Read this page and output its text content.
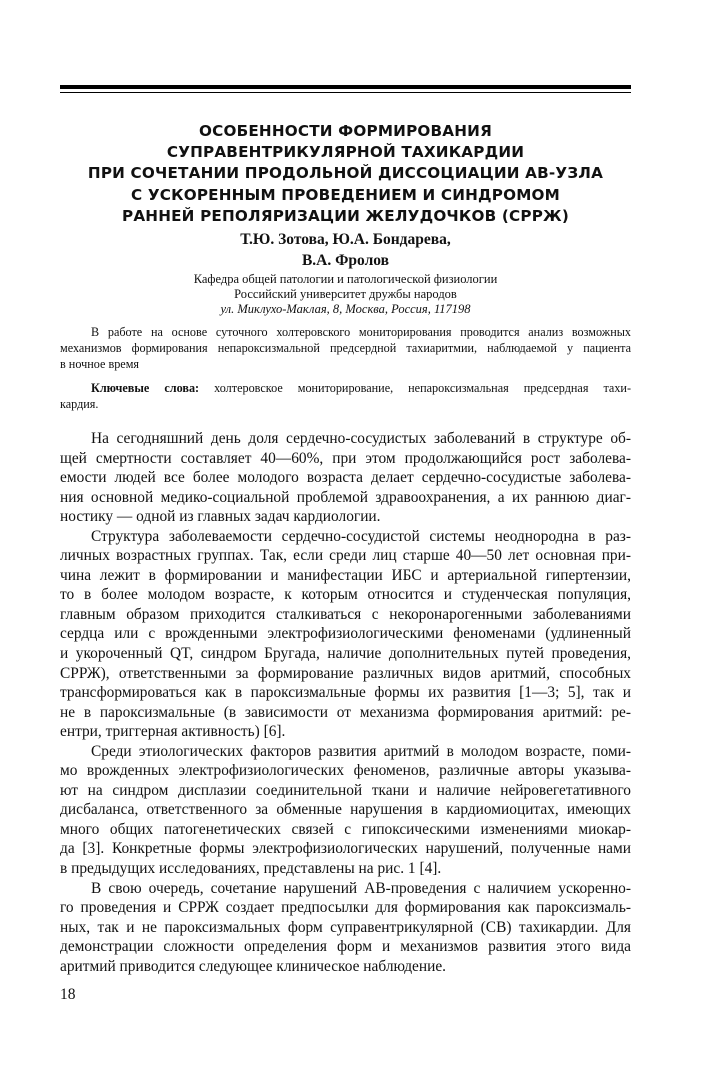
ОСОБЕННОСТИ ФОРМИРОВАНИЯ
СУПРАВЕНТРИКУЛЯРНОЙ ТАХИКАРДИИ
ПРИ СОЧЕТАНИИ ПРОДОЛЬНОЙ ДИССОЦИАЦИИ АВ-УЗЛА
С УСКОРЕННЫМ ПРОВЕДЕНИЕМ И СИНДРОМОМ
РАННЕЙ РЕПОЛЯРИЗАЦИИ ЖЕЛУДОЧКОВ (СРРЖ)
Т.Ю. Зотова, Ю.А. Бондарева,
В.А. Фролов
Кафедра общей патологии и патологической физиологии
Российский университет дружбы народов
ул. Миклухо-Маклая, 8, Москва, Россия, 117198
В работе на основе суточного холтеровского мониторирования проводится анализ возможных
механизмов формирования непароксизмальной предсердной тахиаритмии, наблюдаемой у пациента
в ночное время
Ключевые слова: холтеровское мониторирование, непароксизмальная предсердная тахи-
кардия.
На сегодняшний день доля сердечно-сосудистых заболеваний в структуре об-
щей смертности составляет 40—60%, при этом продолжающийся рост заболева-
емости людей все более молодого возраста делает сердечно-сосудистые заболева-
ния основной медико-социальной проблемой здравоохранения, а их раннюю диаг-
ностику — одной из главных задач кардиологии.
Структура заболеваемости сердечно-сосудистой системы неоднородна в раз-
личных возрастных группах. Так, если среди лиц старше 40—50 лет основная при-
чина лежит в формировании и манифестации ИБС и артериальной гипертензии,
то в более молодом возрасте, к которым относится и студенческая популяция,
главным образом приходится сталкиваться с некоронарогенными заболеваниями
сердца или с врожденными электрофизиологическими феноменами (удлиненный
и укороченный QT, синдром Бругада, наличие дополнительных путей проведения,
СРРЖ), ответственными за формирование различных видов аритмий, способных
трансформироваться как в пароксизмальные формы их развития [1—3; 5], так и
не в пароксизмальные (в зависимости от механизма формирования аритмий: ре-
ентри, триггерная активность) [6].
Среди этиологических факторов развития аритмий в молодом возрасте, поми-
мо врожденных электрофизиологических феноменов, различные авторы указыва-
ют на синдром дисплазии соединительной ткани и наличие нейровегетативного
дисбаланса, ответственного за обменные нарушения в кардиомиоцитах, имеющих
много общих патогенетических связей с гипоксическими изменениями миокар-
да [3]. Конкретные формы электрофизиологических нарушений, полученные нами
в предыдущих исследованиях, представлены на рис. 1 [4].
В свою очередь, сочетание нарушений АВ-проведения с наличием ускоренно-
го проведения и СРРЖ создает предпосылки для формирования как пароксизмаль-
ных, так и не пароксизмальных форм суправентрикулярной (СВ) тахикардии. Для
демонстрации сложности определения форм и механизмов развития этого вида
аритмий приводится следующее клиническое наблюдение.
18
